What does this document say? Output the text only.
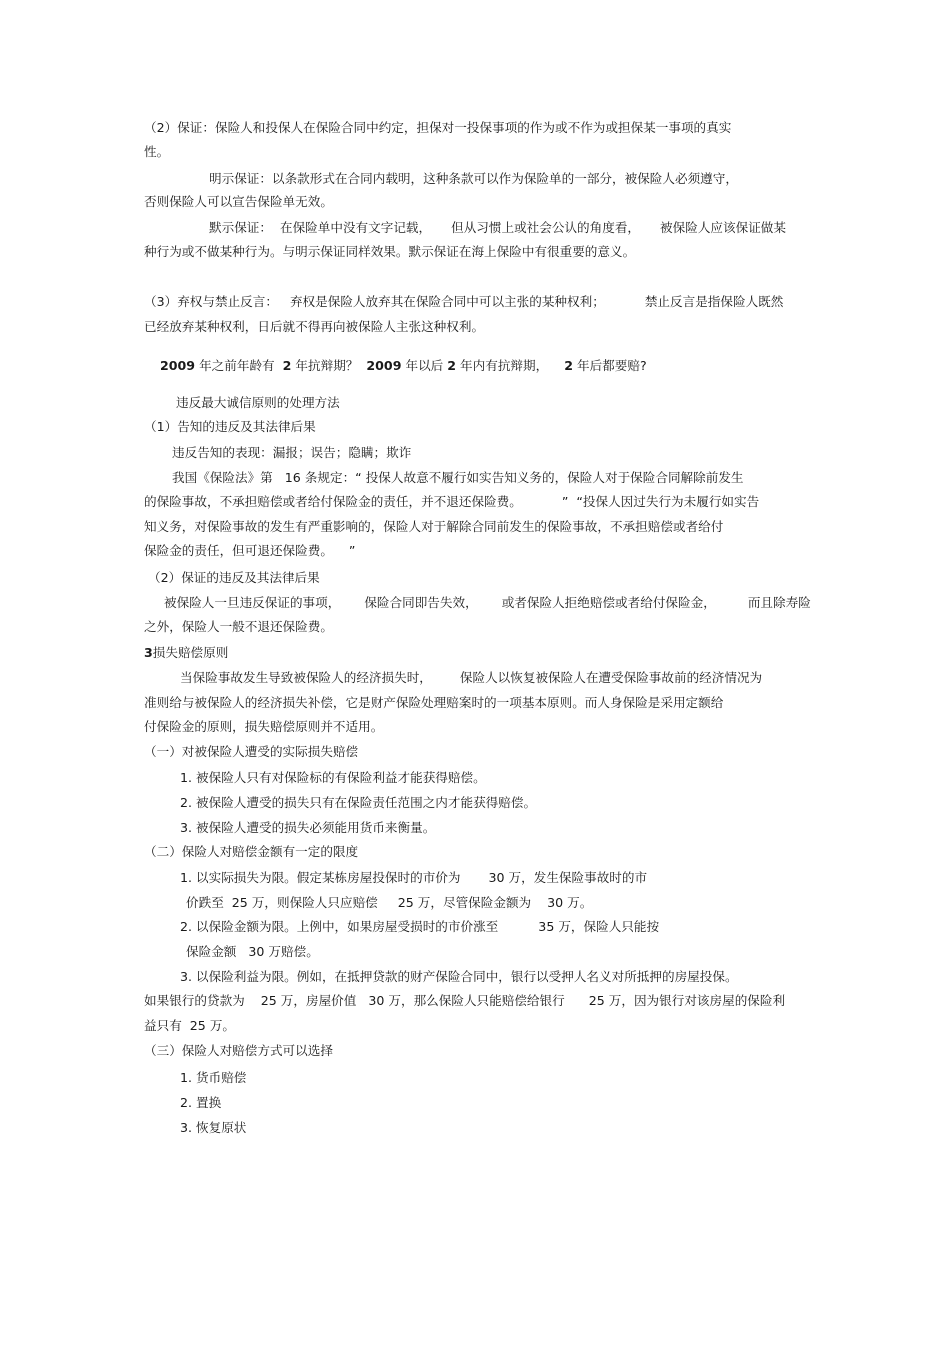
（2）保证：保险人和投保人在保险合同中约定，担保对一投保事项的作为或不作为或担保某一事项的真实
性。
明示保证：以条款形式在合同内载明，这种条款可以作为保险单的一部分，被保险人必须遵守，
否则保险人可以宣告保险单无效。
默示保证：  在保险单中没有文字记载，     但从习惯上或社会公认的角度看，     被保险人应该保证做某
种行为或不做某种行为。与明示保证同样效果。默示保证在海上保险中有很重要的意义。
（3）弃权与禁止反言：   弃权是保险人放弃其在保险合同中可以主张的某种权利；          禁止反言是指保险人既然
已经放弃某种权利，日后就不得再向被保险人主张这种权利。

2009 年之前年龄有  2 年抗辩期？  2009 年以后 2 年内有抗辩期，    2 年后都要赔?

违反最大诚信原则的处理方法
（1）告知的违反及其法律后果
违反告知的表现：漏报；误告；隐瞒；欺诈
我国《保险法》第   16 条规定：“ 投保人故意不履行如实告知义务的，保险人对于保险合同解除前发生
的保险事故，不承担赔偿或者给付保险金的责任，并不退还保险费。          ”  “投保人因过失行为未履行如实告
知义务，对保险事故的发生有严重影响的，保险人对于解除合同前发生的保险事故，不承担赔偿或者给付
保险金的责任，但可退还保险费。    ”
（2）保证的违反及其法律后果
被保险人一旦违反保证的事项，      保险合同即告失效，      或者保险人拒绝赔偿或者给付保险金，        而且除寿险
之外，保险人一般不退还保险费。
3损失赔偿原则
当保险事故发生导致被保险人的经济损失时，       保险人以恢复被保险人在遭受保险事故前的经济情况为
准则给与被保险人的经济损失补偿，它是财产保险处理赔案时的一项基本原则。而人身保险是采用定额给
付保险金的原则，损失赔偿原则并不适用。
（一）对被保险人遭受的实际损失赔偿
1. 被保险人只有对保险标的有保险利益才能获得赔偿。
2. 被保险人遭受的损失只有在保险责任范围之内才能获得赔偿。
3. 被保险人遭受的损失必须能用货币来衡量。
（二）保险人对赔偿金额有一定的限度
1. 以实际损失为限。假定某栋房屋投保时的市价为       30 万，发生保险事故时的市
价跌至  25 万，则保险人只应赔偿     25 万，尽管保险金额为    30 万。
2. 以保险金额为限。上例中，如果房屋受损时的市价涨至          35 万，保险人只能按
保险金额   30 万赔偿。
3. 以保险利益为限。例如，在抵押贷款的财产保险合同中，银行以受押人名义对所抵押的房屋投保。
如果银行的贷款为    25 万，房屋价值   30 万，那么保险人只能赔偿给银行      25 万，因为银行对该房屋的保险利
益只有  25 万。
（三）保险人对赔偿方式可以选择
1. 货币赔偿
2. 置换
3. 恢复原状
